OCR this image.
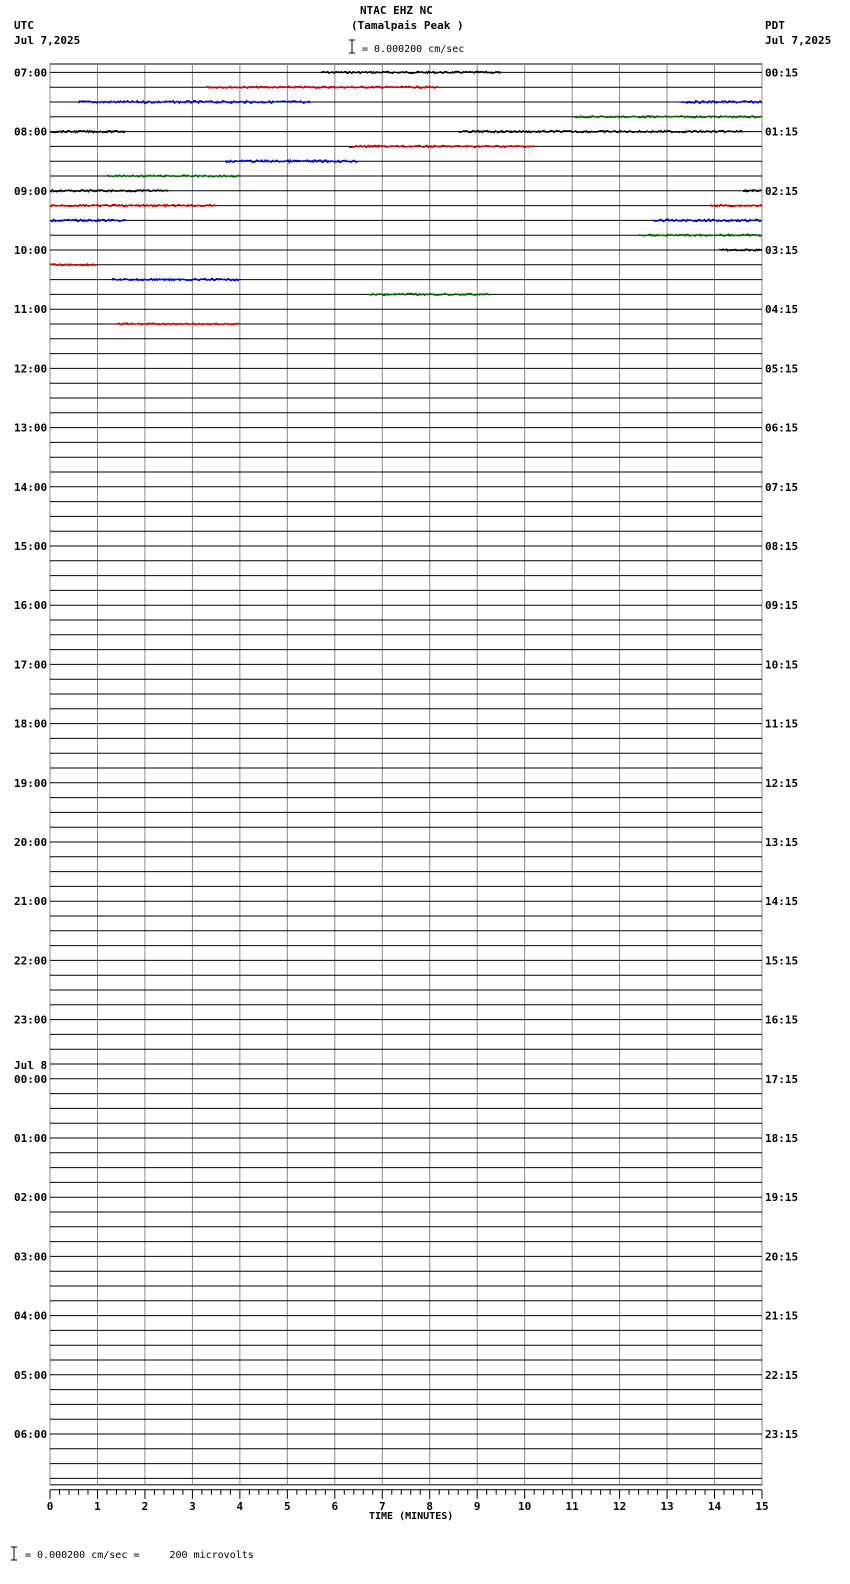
NTAC EHZ NC
(Tamalpais Peak )
UTC
Jul 7,2025
PDT
Jul 7,2025
= 0.000200 cm/sec
TIME (MINUTES)
= 0.000200 cm/sec =     200 microvolts
0	1	2	3	4	5	6	7	8	9	10	11	12	13	14	15
07:00
08:00
09:00
10:00
11:00
12:00
13:00
14:00
15:00
16:00
17:00
18:00
19:00
20:00
21:00
22:00
23:00
00:00
Jul 8
01:00
02:00
03:00
04:00
05:00
06:00
00:15
01:15
02:15
03:15
04:15
05:15
06:15
07:15
08:15
09:15
10:15
11:15
12:15
13:15
14:15
15:15
16:15
17:15
18:15
19:15
20:15
21:15
22:15
23:15
